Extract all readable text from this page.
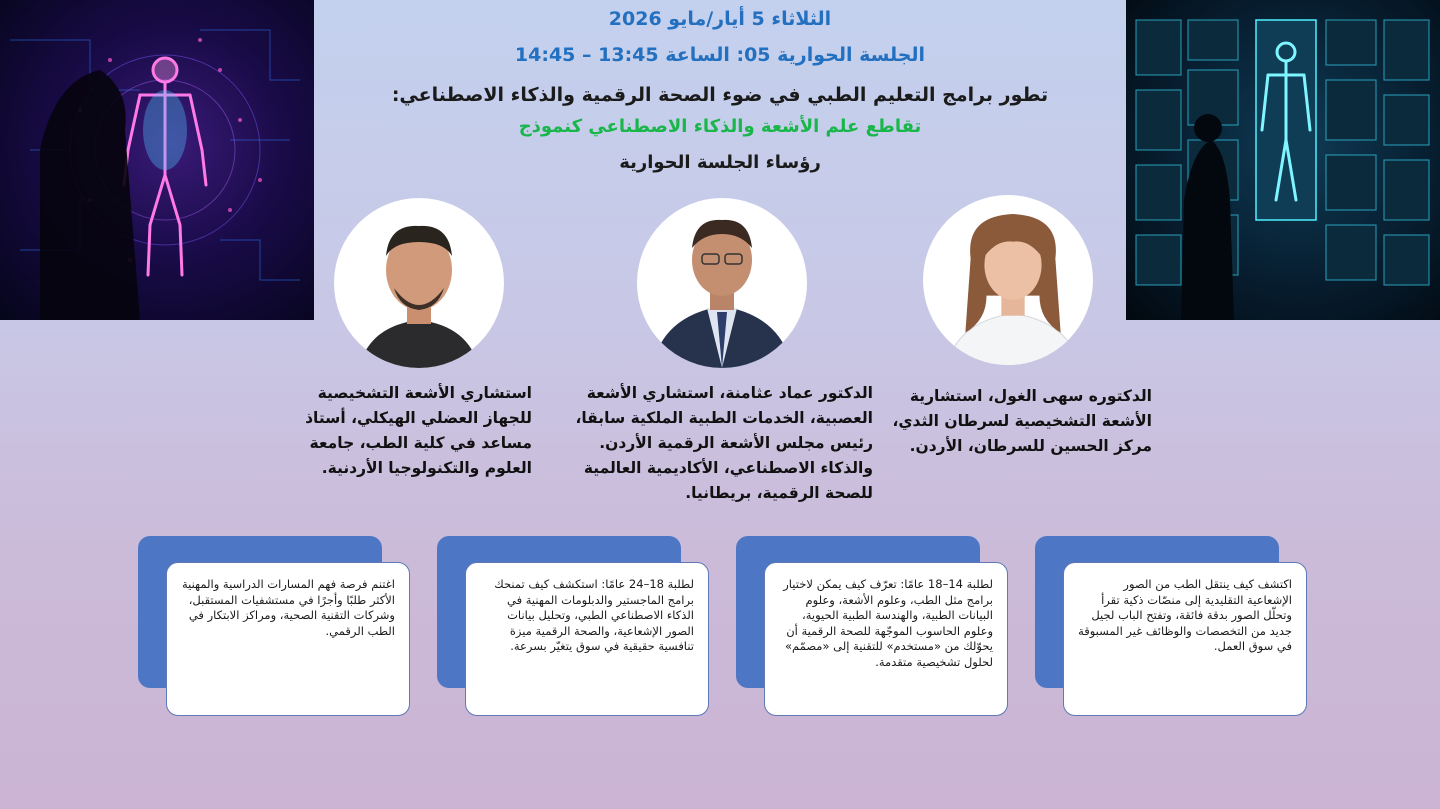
الثلاثاء 5 أيار/مايو 2026

الجلسة الحوارية 05: الساعة 13:45 – 14:45

تطور برامج التعليم الطبي في ضوء الصحة الرقمية والذكاء الاصطناعي:

تقاطع علم الأشعة والذكاء الاصطناعي كنموذج

رؤساء الجلسة الحوارية

استشاري الأشعة التشخيصية للجهاز العضلي الهيكلي، أستاذ مساعد في كلية الطب، جامعة العلوم والتكنولوجيا الأردنية.

الدكتور عماد عثامنة، استشاري الأشعة العصبية، الخدمات الطبية الملكية سابقا، رئيس مجلس الأشعة الرقمية الأردن. والذكاء الاصطناعي، الأكاديمية العالمية للصحة الرقمية، بريطانيا.

الدكتوره سهى الغول، استشارية الأشعة التشخيصية لسرطان الثدي، مركز الحسين للسرطان، الأردن.

اغتنم فرصة فهم المسارات الدراسية والمهنية الأكثر طلبًا وأجرًا في مستشفيات المستقبل، وشركات التقنية الصحية، ومراكز الابتكار في الطب الرقمي.

لطلبة 18–24 عامًا: استكشف كيف تمنحك برامج الماجستير والدبلومات المهنية في الذكاء الاصطناعي الطبي، وتحليل بيانات الصور الإشعاعية، والصحة الرقمية ميزة تنافسية حقيقية في سوق يتغيّر بسرعة.

لطلبة 14–18 عامًا: تعرّف كيف يمكن لاختيار برامج مثل الطب، وعلوم الأشعة، وعلوم البيانات الطبية، والهندسة الطبية الحيوية، وعلوم الحاسوب الموجّهة للصحة الرقمية أن يحوّلك من «مستخدم» للتقنية إلى «مصمّم» لحلول تشخيصية متقدمة.

اكتشف كيف ينتقل الطب من الصور الإشعاعية التقليدية إلى منصّات ذكية تقرأ وتحلّل الصور بدقة فائقة، وتفتح الباب لجيل جديد من التخصصات والوظائف غير المسبوقة في سوق العمل.
